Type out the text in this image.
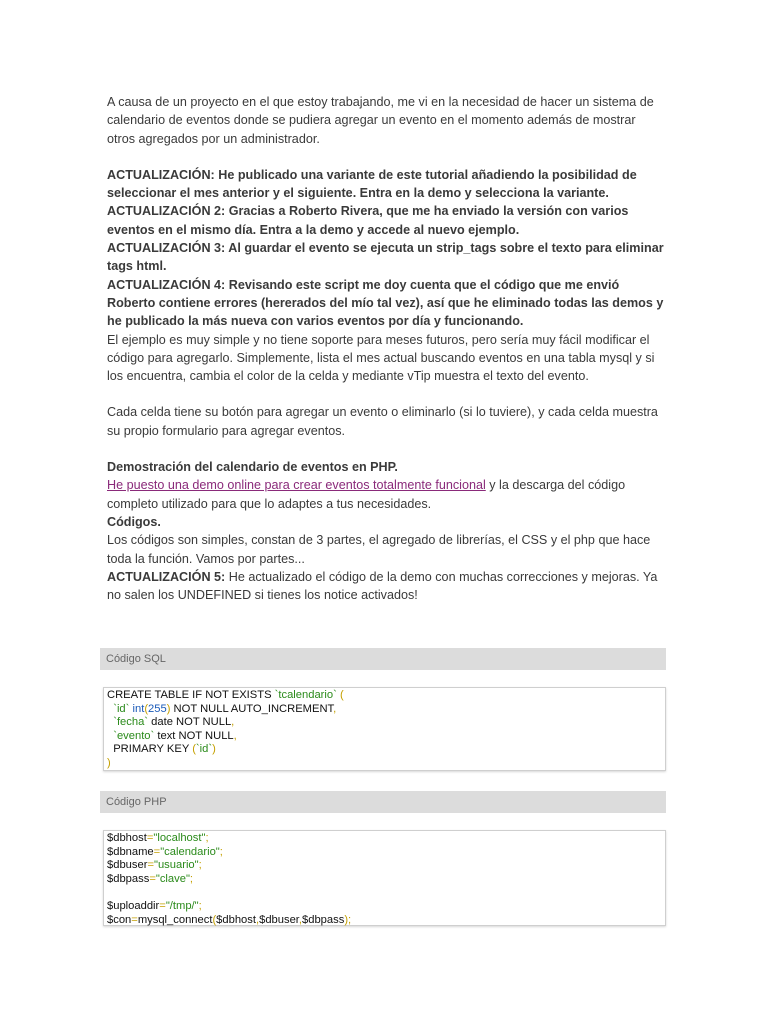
A causa de un proyecto en el que estoy trabajando, me vi en la necesidad de hacer un sistema de calendario de eventos donde se pudiera agregar un evento en el momento además de mostrar otros agregados por un administrador.

ACTUALIZACIÓN: He publicado una variante de este tutorial añadiendo la posibilidad de seleccionar el mes anterior y el siguiente. Entra en la demo y selecciona la variante.

ACTUALIZACIÓN 2: Gracias a Roberto Rivera, que me ha enviado la versión con varios eventos en el mismo día. Entra a la demo y accede al nuevo ejemplo.

ACTUALIZACIÓN 3: Al guardar el evento se ejecuta un strip_tags sobre el texto para eliminar tags html.

ACTUALIZACIÓN 4: Revisando este script me doy cuenta que el código que me envió Roberto contiene errores (hererados del mío tal vez), así que he eliminado todas las demos y he publicado la más nueva con varios eventos por día y funcionando.

El ejemplo es muy simple y no tiene soporte para meses futuros, pero sería muy fácil modificar el código para agregarlo. Simplemente, lista el mes actual buscando eventos en una tabla mysql y si los encuentra, cambia el color de la celda y mediante vTip muestra el texto del evento.

Cada celda tiene su botón para agregar un evento o eliminarlo (si lo tuviere), y cada celda muestra su propio formulario para agregar eventos.

Demostración del calendario de eventos en PHP.

He puesto una demo online para crear eventos totalmente funcional y la descarga del código completo utilizado para que lo adaptes a tus necesidades.

Códigos.

Los códigos son simples, constan de 3 partes, el agregado de librerías, el CSS y el php que hace toda la función. Vamos por partes...

ACTUALIZACIÓN 5: He actualizado el código de la demo con muchas correcciones y mejoras. Ya no salen los UNDEFINED si tienes los notice activados!

Código SQL
CREATE TABLE IF NOT EXISTS `tcalendario` (
`id` int(255) NOT NULL AUTO_INCREMENT,
`fecha` date NOT NULL,
`evento` text NOT NULL,
PRIMARY KEY (`id`)
)
Código PHP
$dbhost="localhost";
$dbname="calendario";
$dbuser="usuario";
$dbpass="clave";
$uploaddir="/tmp/";
$con=mysql_connect($dbhost,$dbuser,$dbpass);
